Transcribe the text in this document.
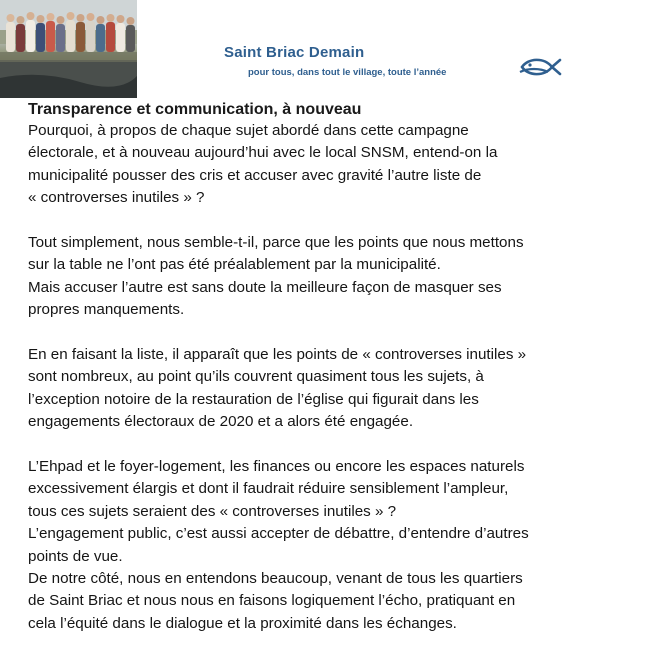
Saint Briac Demain
pour tous, dans tout le village, toute l’année
Transparence et communication, à nouveau
Pourquoi, à propos de chaque sujet abordé dans cette campagne
électorale, et à nouveau aujourd’hui avec le local SNSM, entend-on la
municipalité pousser des cris et accuser avec gravité l’autre liste de
« controverses inutiles » ?
Tout simplement, nous semble-t-il, parce que les points que nous mettons
sur la table ne l’ont pas été préalablement par la municipalité.
Mais accuser l’autre est sans doute la meilleure façon de masquer ses
propres manquements.
En en faisant la liste, il apparaît que les points de « controverses inutiles »
sont nombreux, au point qu’ils couvrent quasiment tous les sujets, à
l’exception notoire de la restauration de l’église qui figurait dans les
engagements électoraux de 2020 et a alors été engagée.
L’Ehpad et le foyer-logement, les finances ou encore les espaces naturels
excessivement élargis et dont il faudrait réduire sensiblement l’ampleur,
tous ces sujets seraient des « controverses inutiles » ?
L’engagement public, c’est aussi accepter de débattre, d’entendre d’autres
points de vue.
De notre côté, nous en entendons beaucoup, venant de tous les quartiers
de Saint Briac et nous nous en faisons logiquement l’écho, pratiquant en
cela l’équité dans le dialogue et la proximité dans les échanges.
